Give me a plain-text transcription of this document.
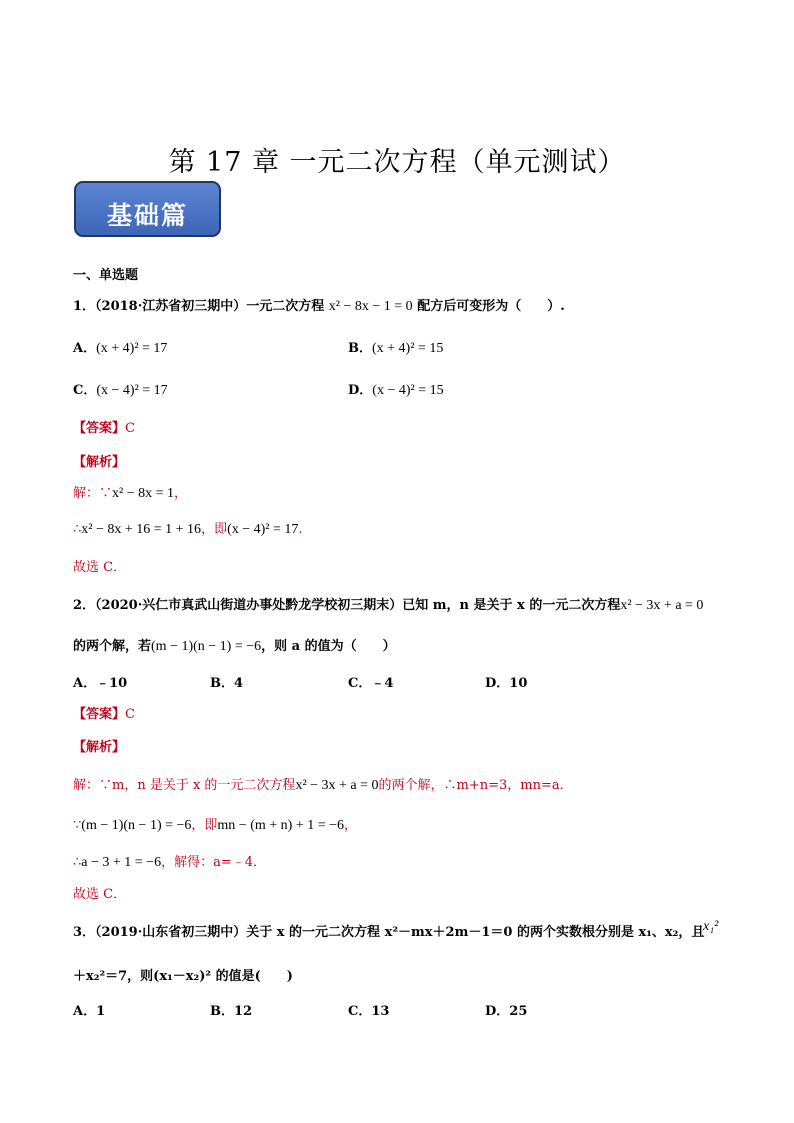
第 17 章 一元二次方程（单元测试）
基础篇
一、单选题
1．（2018·江苏省初三期中）一元二次方程 x² − 8x − 1 = 0 配方后可变形为（　　）.
A．(x + 4)² = 17	B．(x + 4)² = 15
C．(x − 4)² = 17	D．(x − 4)² = 15
【答案】C
【解析】
解：∵x² − 8x = 1，
∴x² − 8x + 16 = 1 + 16，即(x − 4)² = 17.
故选 C．
2．（2020·兴仁市真武山街道办事处黔龙学校初三期末）已知 m，n 是关于 x 的一元二次方程x² − 3x + a = 0
的两个解，若(m − 1)(n − 1) = −6，则 a 的值为（　　）
A．﹣10	B．4	C．﹣4	D．10
【答案】C
【解析】
解：∵m，n 是关于 x 的一元二次方程x² − 3x + a = 0的两个解，∴m+n=3，mn=a．
∵(m − 1)(n − 1) = −6，即mn − (m + n) + 1 = −6，
∴a − 3 + 1 = −6，解得：a=﹣4．
故选 C．
3．（2019·山东省初三期中）关于 x 的一元二次方程 x²－mx＋2m－1＝0 的两个实数根分别是 x₁、x₂，且
x₁²
＋x₂²＝7，则(x₁－x₂)² 的值是(　　)
A．1	B．12	C．13	D．25
